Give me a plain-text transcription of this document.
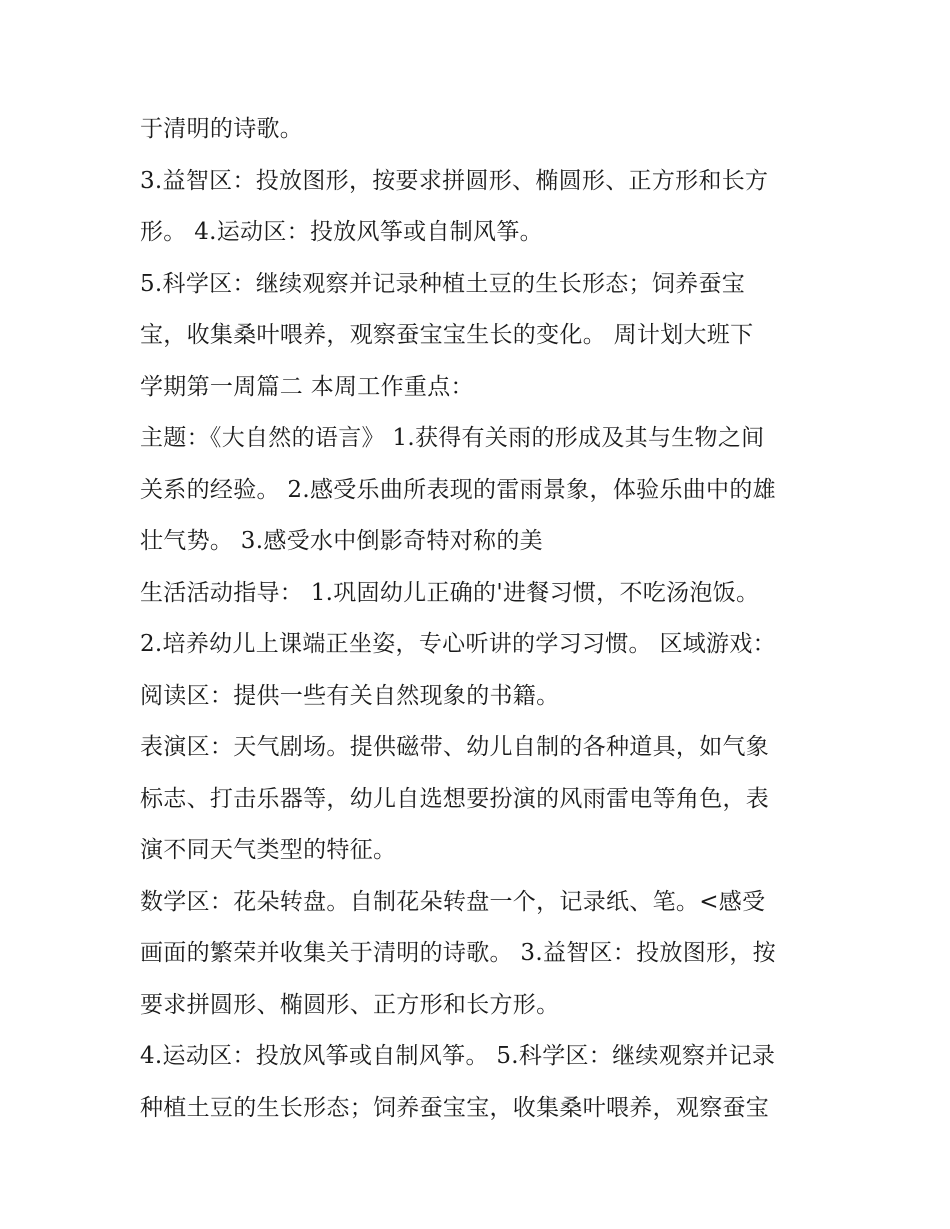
于清明的诗歌。
3.益智区：投放图形，按要求拼圆形、椭圆形、正方形和长方
形。 4.运动区：投放风筝或自制风筝。
5.科学区：继续观察并记录种植土豆的生长形态；饲养蚕宝
宝，收集桑叶喂养，观察蚕宝宝生长的变化。 周计划大班下
学期第一周篇二 本周工作重点：
主题：《大自然的语言》 1.获得有关雨的形成及其与生物之间
关系的经验。 2.感受乐曲所表现的雷雨景象，体验乐曲中的雄
壮气势。 3.感受水中倒影奇特对称的美
生活活动指导： 1.巩固幼儿正确的'进餐习惯，不吃汤泡饭。
2.培养幼儿上课端正坐姿，专心听讲的学习习惯。 区域游戏：
阅读区：提供一些有关自然现象的书籍。
表演区：天气剧场。提供磁带、幼儿自制的各种道具，如气象
标志、打击乐器等，幼儿自选想要扮演的风雨雷电等角色，表
演不同天气类型的特征。
数学区：花朵转盘。自制花朵转盘一个，记录纸、笔。<感受
画面的繁荣并收集关于清明的诗歌。 3.益智区：投放图形，按
要求拼圆形、椭圆形、正方形和长方形。
4.运动区：投放风筝或自制风筝。 5.科学区：继续观察并记录
种植土豆的生长形态；饲养蚕宝宝，收集桑叶喂养，观察蚕宝
